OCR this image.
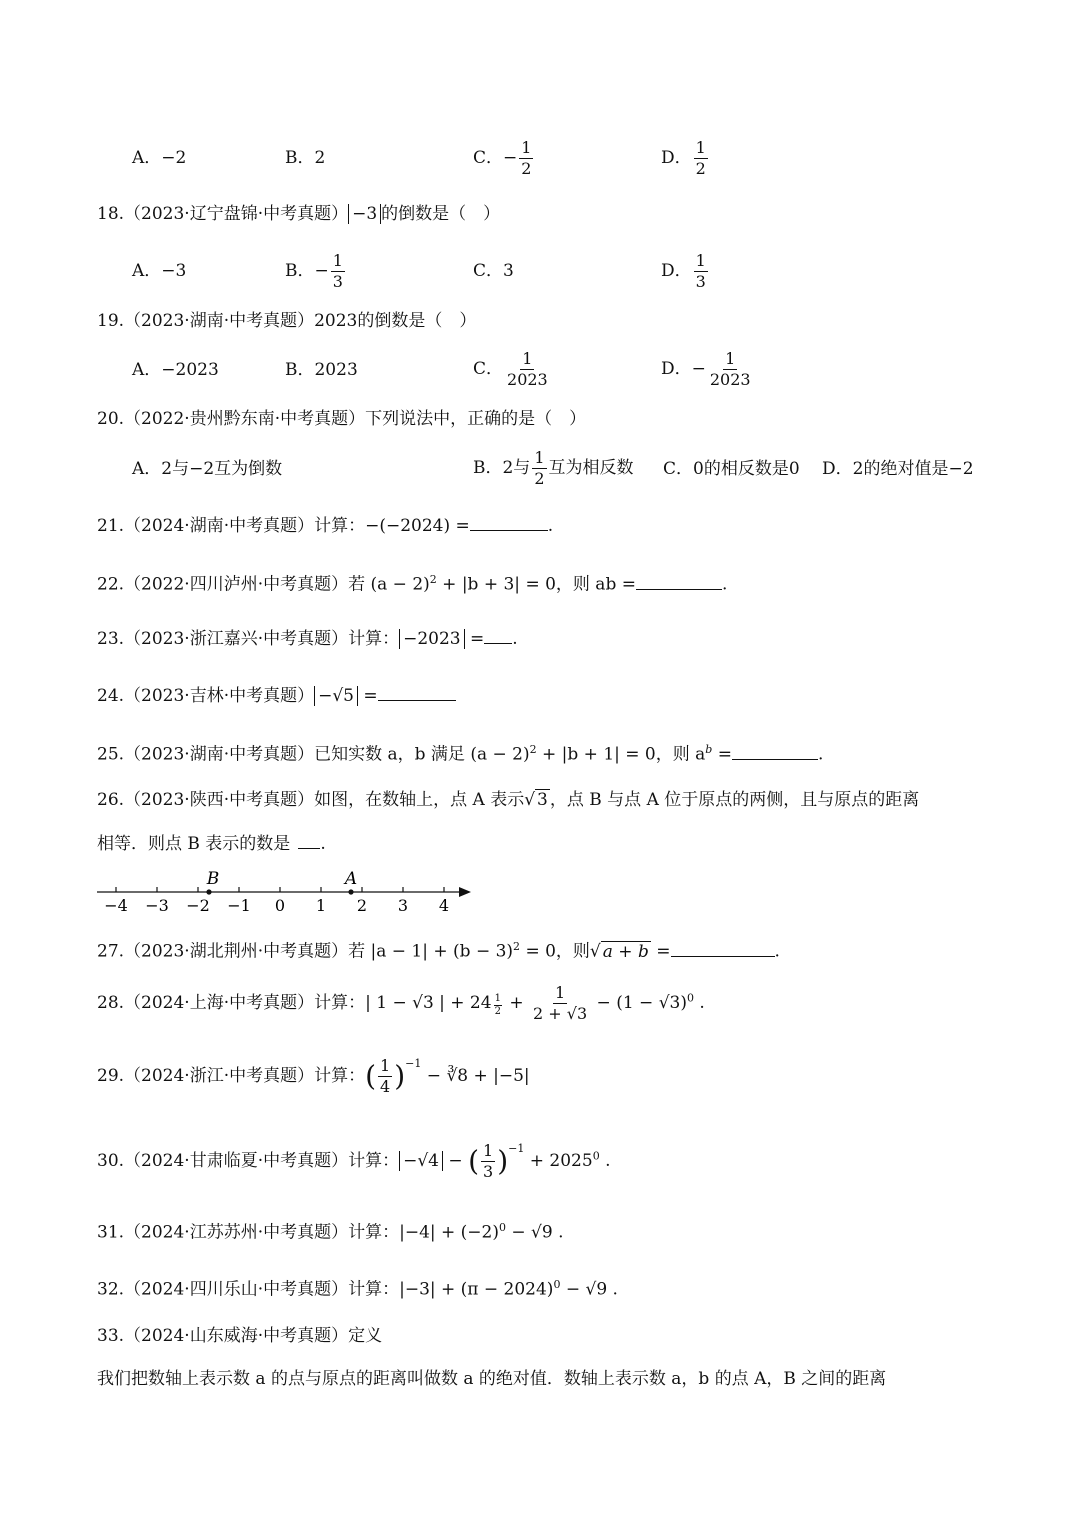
A．−2	B．2	C．− $\frac{1}{2}$	D． $\frac{1}{2}$
18.（2023·辽宁盘锦·中考真题） −3 的倒数是（　）
A．−3	B．− $\frac{1}{3}$	C．3	D． $\frac{1}{3}$
19.（2023·湖南·中考真题）2023的倒数是（　）
A．−2023	B．2023	C． $\frac{1}{2023}$	D．− $\frac{1}{2023}$
20.（2022·贵州黔东南·中考真题）下列说法中，正确的是（　）
A．2与−2互为倒数	B．2与 $\frac{1}{2}$ 互为相反数 C．0的相反数是0 D．2的绝对值是−2
21.（2024·湖南·中考真题）计算：−(−2024) =	.
22.（2022·四川泸州·中考真题）若 $(a - 2)^2 + |b + 3| = 0$，则 ab =	.
23.（2023·浙江嘉兴·中考真题）计算： −2023 = .
24.（2023·吉林·中考真题） −√5 =
25.（2023·湖南·中考真题）已知实数 a，b 满足 $(a - 2)^2 + |b + 1| = 0$，则 $a^b$ =	.
26.（2023·陕西·中考真题）如图，在数轴上，点 A 表示√ 3 ，点 B 与点 A 位于原点的两侧，且与原点的距离
相等．则点 B 表示的数是 .
−4 −3 −2 −1 0 1 2 3 4
B	A
27.（2023·湖北荆州·中考真题）若 $|a - 1| + (b - 3)^2 = 0$，则√ a + b =	.
28.（2024·上海·中考真题）计算：| 1 − √3 | + $24 \frac{1}{2} + \frac{1}{2 + √3} - (1 - √3)^0$ .
29.（2024·浙江·中考真题）计算：( $\frac{1}{4} )^{-1}$ − ∛8 + |−5|
30.（2024·甘肃临夏·中考真题）计算： −√4 − ( $\frac{1}{3} )^{-1} + 2025^0$ .
31.（2024·江苏苏州·中考真题）计算：$|-4| + (-2)^0 - √9$ .
32.（2024·四川乐山·中考真题）计算：$|-3| + (\pi - 2024)^0 - √9$ .
33.（2024·山东威海·中考真题）定义
我们把数轴上表示数 a 的点与原点的距离叫做数 a 的绝对值．数轴上表示数 a，b 的点 A，B 之间的距离
